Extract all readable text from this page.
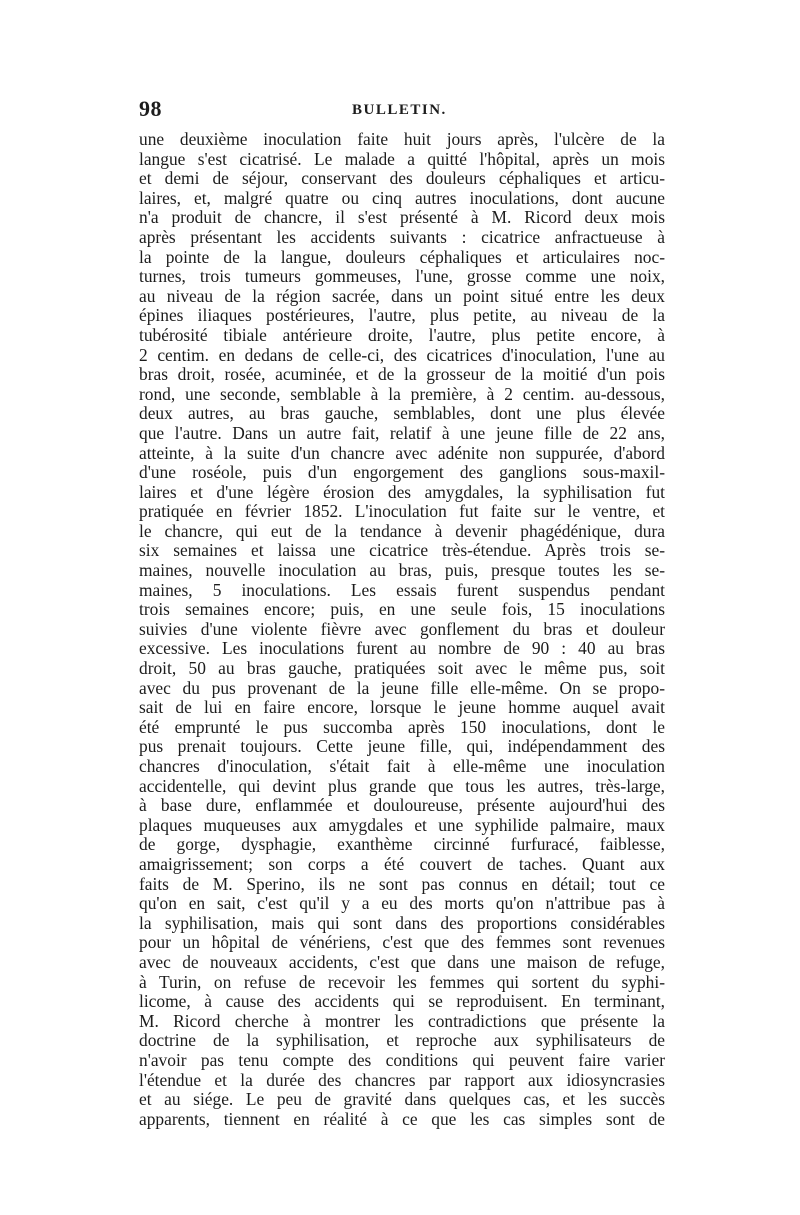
98	BULLETIN.
une deuxième inoculation faite huit jours après, l'ulcère de la
langue s'est cicatrisé. Le malade a quitté l'hôpital, après un mois
et demi de séjour, conservant des douleurs céphaliques et articu-
laires, et, malgré quatre ou cinq autres inoculations, dont aucune
n'a produit de chancre, il s'est présenté à M. Ricord deux mois
après présentant les accidents suivants : cicatrice anfractueuse à
la pointe de la langue, douleurs céphaliques et articulaires noc-
turnes, trois tumeurs gommeuses, l'une, grosse comme une noix,
au niveau de la région sacrée, dans un point situé entre les deux
épines iliaques postérieures, l'autre, plus petite, au niveau de la
tubérosité tibiale antérieure droite, l'autre, plus petite encore, à
2 centim. en dedans de celle-ci, des cicatrices d'inoculation, l'une au
bras droit, rosée, acuminée, et de la grosseur de la moitié d'un pois
rond, une seconde, semblable à la première, à 2 centim. au-dessous,
deux autres, au bras gauche, semblables, dont une plus élevée
que l'autre. Dans un autre fait, relatif à une jeune fille de 22 ans,
atteinte, à la suite d'un chancre avec adénite non suppurée, d'abord
d'une roséole, puis d'un engorgement des ganglions sous-maxil-
laires et d'une légère érosion des amygdales, la syphilisation fut
pratiquée en février 1852. L'inoculation fut faite sur le ventre, et
le chancre, qui eut de la tendance à devenir phagédénique, dura
six semaines et laissa une cicatrice très-étendue. Après trois se-
maines, nouvelle inoculation au bras, puis, presque toutes les se-
maines, 5 inoculations. Les essais furent suspendus pendant
trois semaines encore; puis, en une seule fois, 15 inoculations
suivies d'une violente fièvre avec gonflement du bras et douleur
excessive. Les inoculations furent au nombre de 90 : 40 au bras
droit, 50 au bras gauche, pratiquées soit avec le même pus, soit
avec du pus provenant de la jeune fille elle-même. On se propo-
sait de lui en faire encore, lorsque le jeune homme auquel avait
été emprunté le pus succomba après 150 inoculations, dont le
pus prenait toujours. Cette jeune fille, qui, indépendamment des
chancres d'inoculation, s'était fait à elle-même une inoculation
accidentelle, qui devint plus grande que tous les autres, très-large,
à base dure, enflammée et douloureuse, présente aujourd'hui des
plaques muqueuses aux amygdales et une syphilide palmaire, maux
de gorge, dysphagie, exanthème circinné furfuracé, faiblesse,
amaigrissement; son corps a été couvert de taches. Quant aux
faits de M. Sperino, ils ne sont pas connus en détail; tout ce
qu'on en sait, c'est qu'il y a eu des morts qu'on n'attribue pas à
la syphilisation, mais qui sont dans des proportions considérables
pour un hôpital de vénériens, c'est que des femmes sont revenues
avec de nouveaux accidents, c'est que dans une maison de refuge,
à Turin, on refuse de recevoir les femmes qui sortent du syphi-
licome, à cause des accidents qui se reproduisent. En terminant,
M. Ricord cherche à montrer les contradictions que présente la
doctrine de la syphilisation, et reproche aux syphilisateurs de
n'avoir pas tenu compte des conditions qui peuvent faire varier
l'étendue et la durée des chancres par rapport aux idiosyncrasies
et au siége. Le peu de gravité dans quelques cas, et les succès
apparents, tiennent en réalité à ce que les cas simples sont de
